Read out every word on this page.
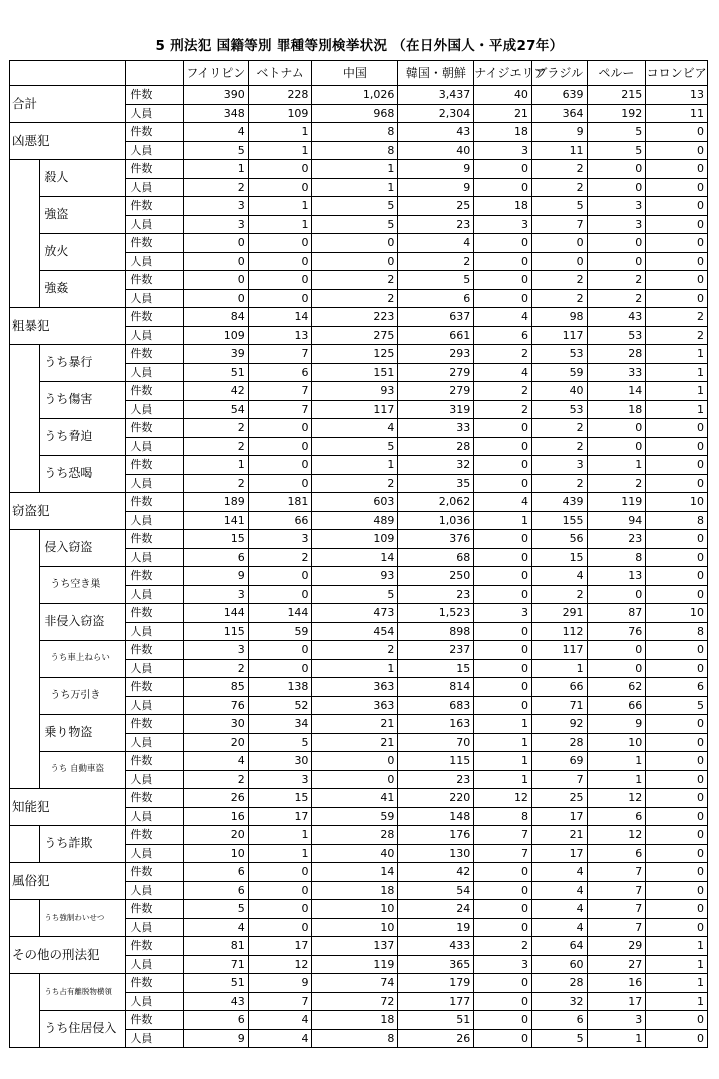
5 刑法犯 国籍等別 罪種等別検挙状況 （在日外国人・平成27年）
			フイリピン	ベトナム	中国	韓国・朝鮮	ナイジエリア	ブラジル	ペルー	コロンビア
合計		件数	390	228	1,026	3,437	40	639	215	13
		人員	348	109	968	2,304	21	364	192	11
凶悪犯		件数	4	1	8	43	18	9	5	0
		人員	5	1	8	40	3	11	5	0
	殺人	件数	1	0	1	9	0	2	0	0
		人員	2	0	1	9	0	2	0	0
	強盗	件数	3	1	5	25	18	5	3	0
		人員	3	1	5	23	3	7	3	0
	放火	件数	0	0	0	4	0	0	0	0
		人員	0	0	0	2	0	0	0	0
	強姦	件数	0	0	2	5	0	2	2	0
		人員	0	0	2	6	0	2	2	0
粗暴犯		件数	84	14	223	637	4	98	43	2
		人員	109	13	275	661	6	117	53	2
	うち暴行	件数	39	7	125	293	2	53	28	1
		人員	51	6	151	279	4	59	33	1
	うち傷害	件数	42	7	93	279	2	40	14	1
		人員	54	7	117	319	2	53	18	1
	うち脅迫	件数	2	0	4	33	0	2	0	0
		人員	2	0	5	28	0	2	0	0
	うち恐喝	件数	1	0	1	32	0	3	1	0
		人員	2	0	2	35	0	2	2	0
窃盗犯		件数	189	181	603	2,062	4	439	119	10
		人員	141	66	489	1,036	1	155	94	8
	侵入窃盗	件数	15	3	109	376	0	56	23	0
		人員	6	2	14	68	0	15	8	0
	うち空き巣	件数	9	0	93	250	0	4	13	0
		人員	3	0	5	23	0	2	0	0
	非侵入窃盗	件数	144	144	473	1,523	3	291	87	10
		人員	115	59	454	898	0	112	76	8
	うち車上ねらい	件数	3	0	2	237	0	117	0	0
		人員	2	0	1	15	0	1	0	0
	うち万引き	件数	85	138	363	814	0	66	62	6
		人員	76	52	363	683	0	71	66	5
	乗り物盗	件数	30	34	21	163	1	92	9	0
		人員	20	5	21	70	1	28	10	0
	うち 自動車盗	件数	4	30	0	115	1	69	1	0
		人員	2	3	0	23	1	7	1	0
知能犯		件数	26	15	41	220	12	25	12	0
		人員	16	17	59	148	8	17	6	0
	うち詐欺	件数	20	1	28	176	7	21	12	0
		人員	10	1	40	130	7	17	6	0
風俗犯		件数	6	0	14	42	0	4	7	0
		人員	6	0	18	54	0	4	7	0
	うち強制わいせつ	件数	5	0	10	24	0	4	7	0
		人員	4	0	10	19	0	4	7	0
その他の刑法犯		件数	81	17	137	433	2	64	29	1
		人員	71	12	119	365	3	60	27	1
	うち占有離脱物横領	件数	51	9	74	179	0	28	16	1
		人員	43	7	72	177	0	32	17	1
	うち住居侵入	件数	6	4	18	51	0	6	3	0
		人員	9	4	8	26	0	5	1	0
